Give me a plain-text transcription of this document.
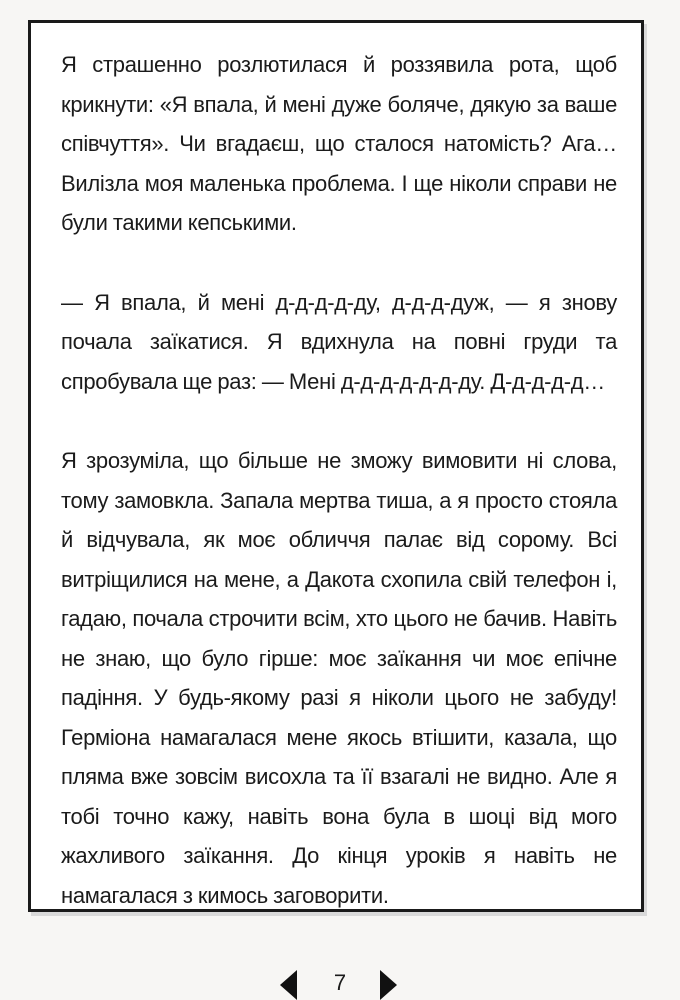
Я страшенно розлютилася й роззявила рота, щоб крикнути: «Я впала, й мені дуже боляче, дякую за ваше співчуття». Чи вгадаєш, що сталося натомість? Ага… Вилізла моя маленька проблема. І ще ніколи справи не були такими кепськими.

— Я впала, й мені д-д-д-д-ду, д-д-д-дуж, — я знову почала заїкатися. Я вдихнула на повні груди та спробувала ще раз: — Мені д-д-д-д-д-д-ду. Д-д-д-д-д…

Я зрозуміла, що більше не зможу вимовити ні слова, тому замовкла. Запала мертва тиша, а я просто стояла й відчувала, як моє обличчя палає від сорому. Всі витріщилися на мене, а Дакота схопила свій телефон і, гадаю, почала строчити всім, хто цього не бачив. Навіть не знаю, що було гірше: моє заїкання чи моє епічне падіння. У будь-якому разі я ніколи цього не забуду! Герміона намагалася мене якось втішити, казала, що пляма вже зовсім висохла та її взагалі не видно. Але я тобі точно кажу, навіть вона була в шоці від мого жахливого заїкання. До кінця уроків я навіть не намагалася з кимось заговорити.

7
